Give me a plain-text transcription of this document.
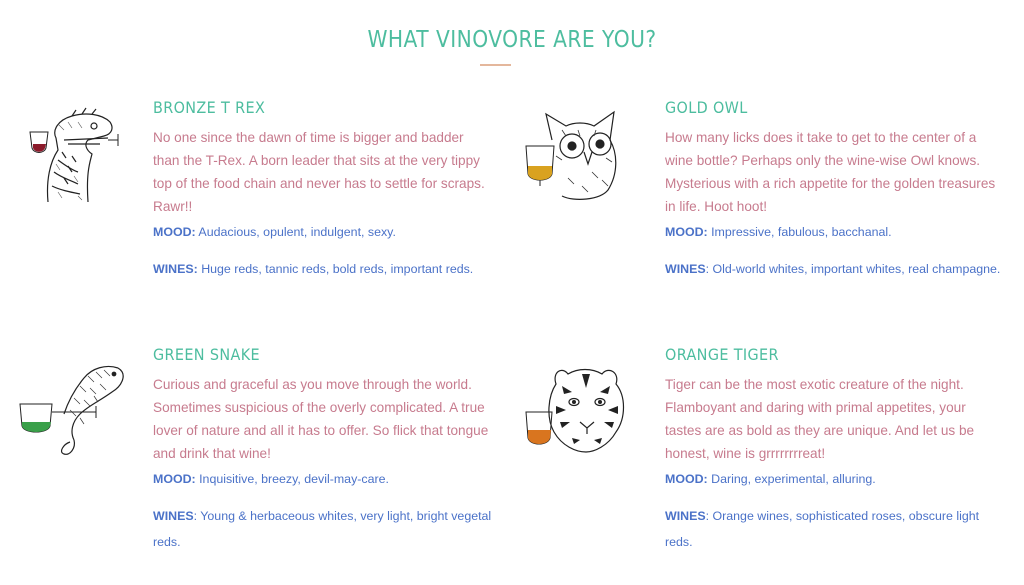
WHAT VINOVORE ARE YOU?
BRONZE T REX

No one since the dawn of time is bigger and badder than the T-Rex. A born leader that sits at the very tippy top of the food chain and never has to settle for scraps. Rawr!!

MOOD: Audacious, opulent, indulgent, sexy.

WINES: Huge reds, tannic reds, bold reds, important reds.

GOLD OWL

How many licks does it take to get to the center of a wine bottle? Perhaps only the wine-wise Owl knows. Mysterious with a rich appetite for the golden treasures in life. Hoot hoot!

MOOD: Impressive, fabulous, bacchanal.

WINES: Old-world whites, important whites, real champagne.

GREEN SNAKE

Curious and graceful as you move through the world. Sometimes suspicious of the overly complicated. A true lover of nature and all it has to offer. So flick that tongue and drink that wine!

MOOD: Inquisitive, breezy, devil-may-care.

WINES: Young & herbaceous whites, very light, bright vegetal reds.

ORANGE TIGER

Tiger can be the most exotic creature of the night. Flamboyant and daring with primal appetites, your tastes are as bold as they are unique. And let us be honest, wine is grrrrrrrreat!

MOOD: Daring, experimental, alluring.

WINES: Orange wines, sophisticated roses, obscure light reds.
